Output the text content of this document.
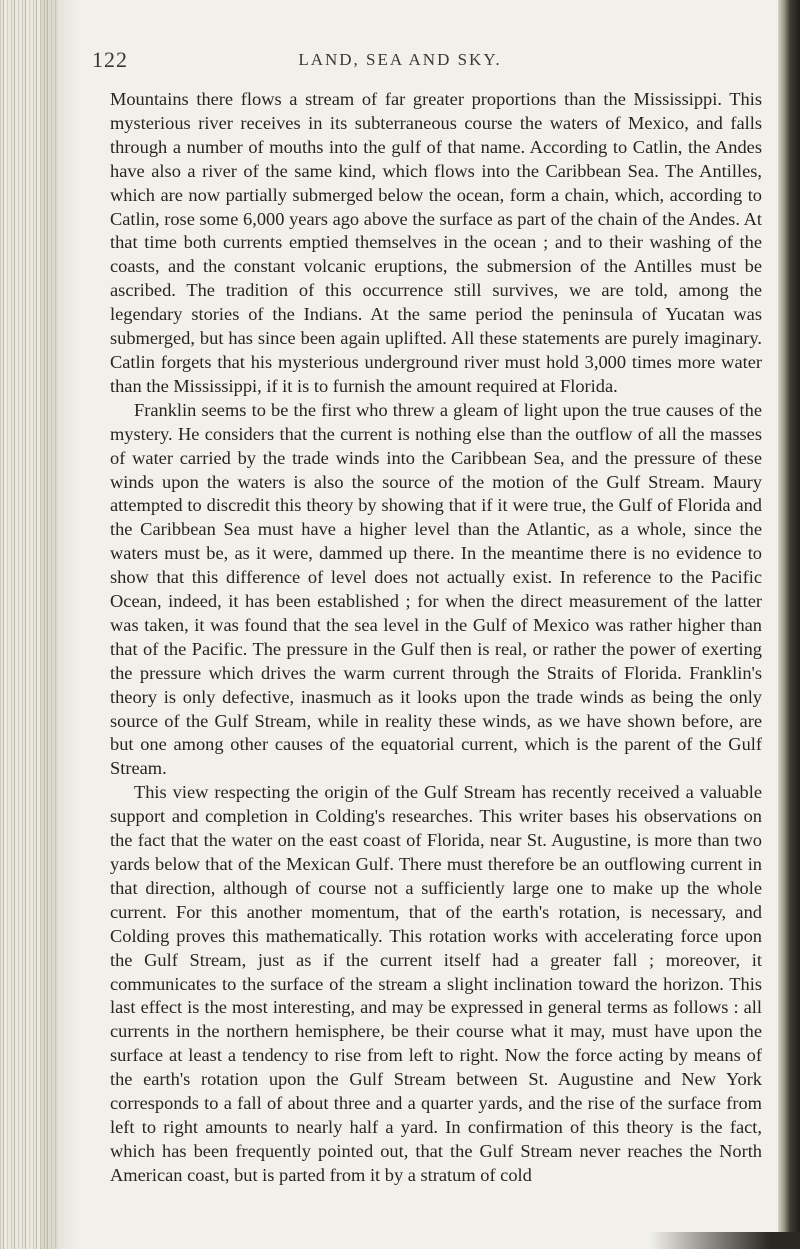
122	LAND, SEA AND SKY.

Mountains there flows a stream of far greater proportions than the Mississippi. This mysterious river receives in its subterraneous course the waters of Mexico, and falls through a number of mouths into the gulf of that name. According to Catlin, the Andes have also a river of the same kind, which flows into the Caribbean Sea. The Antilles, which are now partially submerged below the ocean, form a chain, which, according to Catlin, rose some 6,000 years ago above the surface as part of the chain of the Andes. At that time both currents emptied themselves in the ocean ; and to their washing of the coasts, and the constant volcanic eruptions, the submersion of the Antilles must be ascribed. The tradition of this occurrence still survives, we are told, among the legendary stories of the Indians. At the same period the peninsula of Yucatan was submerged, but has since been again uplifted. All these statements are purely imaginary. Catlin forgets that his mysterious underground river must hold 3,000 times more water than the Mississippi, if it is to furnish the amount required at Florida.

Franklin seems to be the first who threw a gleam of light upon the true causes of the mystery. He considers that the current is nothing else than the outflow of all the masses of water carried by the trade winds into the Caribbean Sea, and the pressure of these winds upon the waters is also the source of the motion of the Gulf Stream. Maury attempted to discredit this theory by showing that if it were true, the Gulf of Florida and the Caribbean Sea must have a higher level than the Atlantic, as a whole, since the waters must be, as it were, dammed up there. In the meantime there is no evidence to show that this difference of level does not actually exist. In reference to the Pacific Ocean, indeed, it has been established ; for when the direct measurement of the latter was taken, it was found that the sea level in the Gulf of Mexico was rather higher than that of the Pacific. The pressure in the Gulf then is real, or rather the power of exerting the pressure which drives the warm current through the Straits of Florida. Franklin's theory is only defective, inasmuch as it looks upon the trade winds as being the only source of the Gulf Stream, while in reality these winds, as we have shown before, are but one among other causes of the equatorial current, which is the parent of the Gulf Stream.

This view respecting the origin of the Gulf Stream has recently received a valuable support and completion in Colding's researches. This writer bases his observations on the fact that the water on the east coast of Florida, near St. Augustine, is more than two yards below that of the Mexican Gulf. There must therefore be an outflowing current in that direction, although of course not a sufficiently large one to make up the whole current. For this another momentum, that of the earth's rotation, is necessary, and Colding proves this mathematically. This rotation works with accelerating force upon the Gulf Stream, just as if the current itself had a greater fall ; moreover, it communicates to the surface of the stream a slight inclination toward the horizon. This last effect is the most interesting, and may be expressed in general terms as follows : all currents in the northern hemisphere, be their course what it may, must have upon the surface at least a tendency to rise from left to right. Now the force acting by means of the earth's rotation upon the Gulf Stream between St. Augustine and New York corresponds to a fall of about three and a quarter yards, and the rise of the surface from left to right amounts to nearly half a yard. In confirmation of this theory is the fact, which has been frequently pointed out, that the Gulf Stream never reaches the North American coast, but is parted from it by a stratum of cold
